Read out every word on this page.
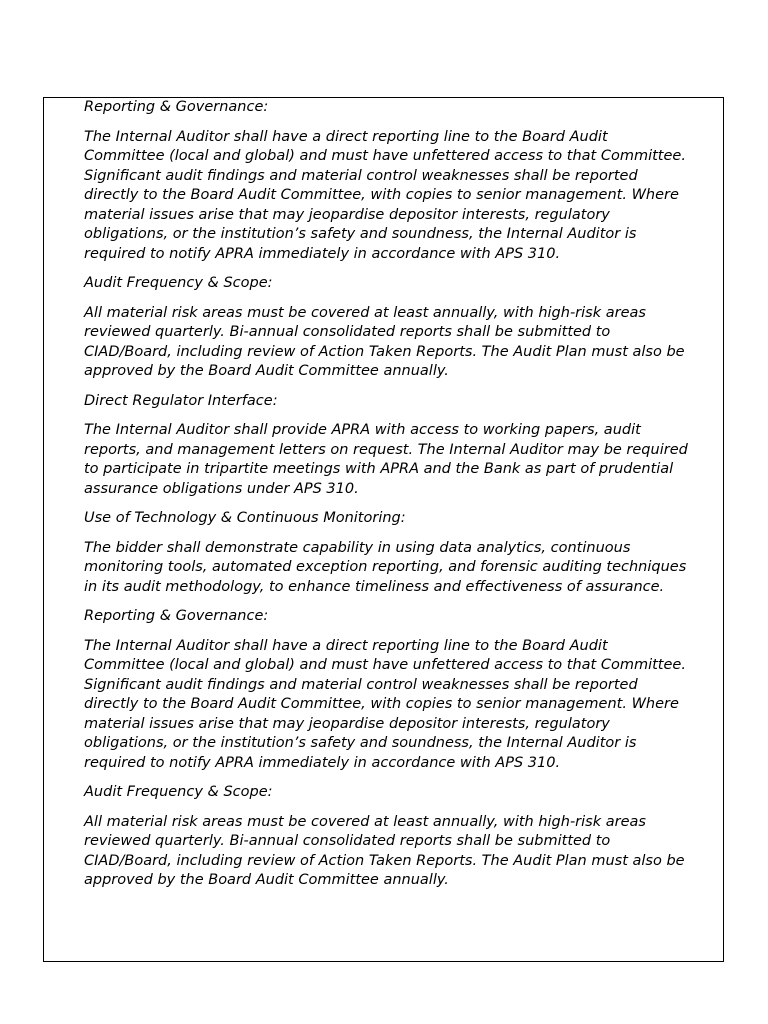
Reporting & Governance:

The Internal Auditor shall have a direct reporting line to the Board Audit Committee (local and global) and must have unfettered access to that Committee. Significant audit findings and material control weaknesses shall be reported directly to the Board Audit Committee, with copies to senior management. Where material issues arise that may jeopardise depositor interests, regulatory obligations, or the institution’s safety and soundness, the Internal Auditor is required to notify APRA immediately in accordance with APS 310.

Audit Frequency & Scope:

All material risk areas must be covered at least annually, with high-risk areas reviewed quarterly. Bi-annual consolidated reports shall be submitted to CIAD/Board, including review of Action Taken Reports. The Audit Plan must also be approved by the Board Audit Committee annually.

Direct Regulator Interface:

The Internal Auditor shall provide APRA with access to working papers, audit reports, and management letters on request. The Internal Auditor may be required to participate in tripartite meetings with APRA and the Bank as part of prudential assurance obligations under APS 310.

Use of Technology & Continuous Monitoring:

The bidder shall demonstrate capability in using data analytics, continuous monitoring tools, automated exception reporting, and forensic auditing techniques in its audit methodology, to enhance timeliness and effectiveness of assurance.

Reporting & Governance:

The Internal Auditor shall have a direct reporting line to the Board Audit Committee (local and global) and must have unfettered access to that Committee. Significant audit findings and material control weaknesses shall be reported directly to the Board Audit Committee, with copies to senior management. Where material issues arise that may jeopardise depositor interests, regulatory obligations, or the institution’s safety and soundness, the Internal Auditor is required to notify APRA immediately in accordance with APS 310.

Audit Frequency & Scope:

All material risk areas must be covered at least annually, with high-risk areas reviewed quarterly. Bi-annual consolidated reports shall be submitted to CIAD/Board, including review of Action Taken Reports. The Audit Plan must also be approved by the Board Audit Committee annually.
